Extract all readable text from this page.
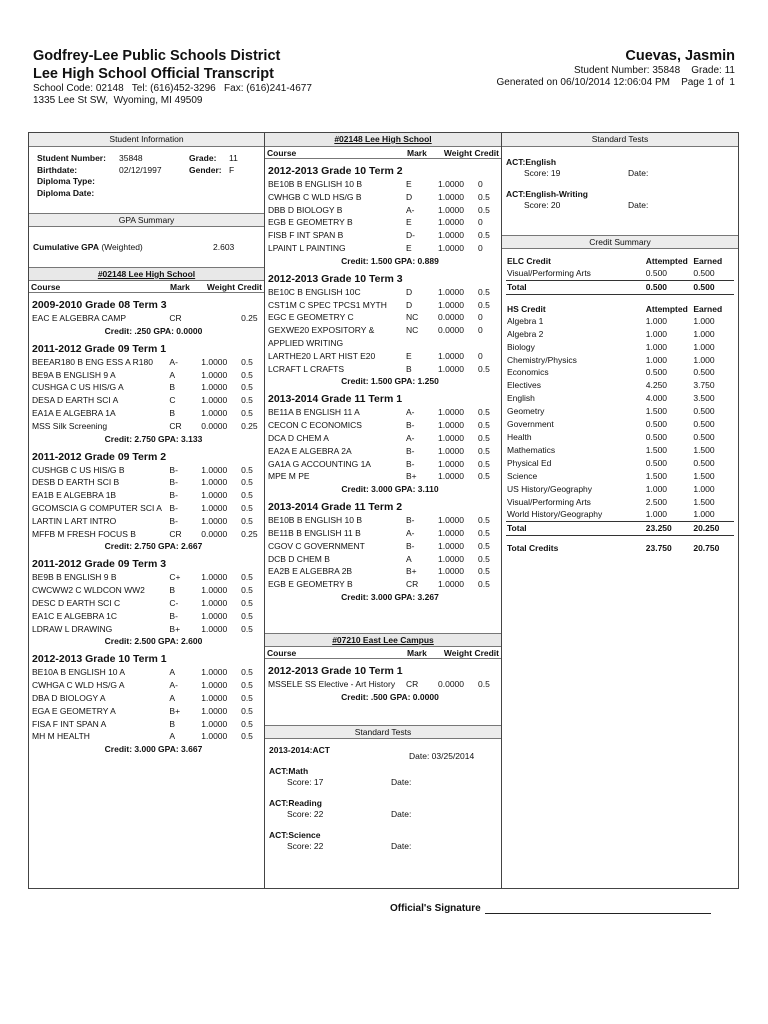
Godfrey-Lee Public Schools District
Lee High School Official Transcript
School Code: 02148   Tel: (616)452-3296   Fax: (616)241-4677
1335 Lee St SW,  Wyoming, MI 49509
Cuevas, Jasmin
Student Number: 35848    Grade: 11
Generated on 06/10/2014 12:06:04 PM    Page 1 of  1
Student Information
Student Number:	35848	Grade:	11
Birthdate:	02/12/1997	Gender: F
Diploma Type:
Diploma Date:
GPA Summary
Cumulative GPA (Weighted)	2.603
#02148 Lee High School
Course	Mark	Weight Credit
2009-2010 Grade 08 Term 3
EAC E ALGEBRA CAMP	CR	0.25
Credit: .250 GPA: 0.0000
2011-2012 Grade 09 Term 1
BEEAR180 B ENG ESS A R180	A-	1.0000	0.5
BE9A B ENGLISH 9 A	A	1.0000	0.5
CUSHGA C US HIS/G A	B	1.0000	0.5
DESA D EARTH SCI A	C	1.0000	0.5
EA1A E ALGEBRA 1A	B	1.0000	0.5
MSS Silk Screening	CR	0.0000	0.25
Credit: 2.750 GPA: 3.133
2011-2012 Grade 09 Term 2
CUSHGB C US HIS/G B	B-	1.0000	0.5
DESB D EARTH SCI B	B-	1.0000	0.5
EA1B E ALGEBRA 1B	B-	1.0000	0.5
GCOMSCIA G COMPUTER SCI A B-	1.0000	0.5
LARTIN L ART INTRO	B-	1.0000	0.5
MFFB M FRESH FOCUS B	CR	0.0000	0.25
Credit: 2.750 GPA: 2.667
2011-2012 Grade 09 Term 3
BE9B B ENGLISH 9 B	C+	1.0000	0.5
CWCWW2 C WLDCON WW2	B	1.0000	0.5
DESC D EARTH SCI C	C-	1.0000	0.5
EA1C E ALGEBRA 1C	B-	1.0000	0.5
LDRAW L DRAWING	B+	1.0000	0.5
Credit: 2.500 GPA: 2.600
2012-2013 Grade 10 Term 1
BE10A B ENGLISH 10 A	A	1.0000	0.5
CWHGA C WLD HS/G A	A-	1.0000	0.5
DBA D BIOLOGY A	A	1.0000	0.5
EGA E GEOMETRY A	B+	1.0000	0.5
FISA F INT SPAN A	B	1.0000	0.5
MH M HEALTH	A	1.0000	0.5
Credit: 3.000 GPA: 3.667
#02148 Lee High School
Course	Mark	Weight Credit
2012-2013 Grade 10 Term 2
BE10B B ENGLISH 10 B	E	1.0000	0
CWHGB C WLD HS/G B	D	1.0000	0.5
DBB D BIOLOGY B	A-	1.0000	0.5
EGB E GEOMETRY B	E	1.0000	0
FISB F INT SPAN B	D-	1.0000	0.5
LPAINT L PAINTING	E	1.0000	0
Credit: 1.500 GPA: 0.889
2012-2013 Grade 10 Term 3
BE10C B ENGLISH 10C	D	1.0000	0.5
CST1M C SPEC TPCS1 MYTH	D	1.0000	0.5
EGC E GEOMETRY C	NC	0.0000	0
GEXWE20 EXPOSITORY & APPLIED WRITING
NC	0.0000	0
LARTHE20 L ART HIST E20	E	1.0000	0
LCRAFT L CRAFTS	B	1.0000	0.5
Credit: 1.500 GPA: 1.250
2013-2014 Grade 11 Term 1
BE11A B ENGLISH 11 A	A-	1.0000	0.5
CECON C ECONOMICS	B-	1.0000	0.5
DCA D CHEM A	A-	1.0000	0.5
EA2A E ALGEBRA 2A	B-	1.0000	0.5
GA1A G ACCOUNTING 1A	B-	1.0000	0.5
MPE M PE	B+	1.0000	0.5
Credit: 3.000 GPA: 3.110
2013-2014 Grade 11 Term 2
BE10B B ENGLISH 10 B	B-	1.0000	0.5
BE11B B ENGLISH 11 B	A-	1.0000	0.5
CGOV C GOVERNMENT	B-	1.0000	0.5
DCB D CHEM B	A	1.0000	0.5
EA2B E ALGEBRA 2B	B+	1.0000	0.5
EGB E GEOMETRY B	CR	1.0000	0.5
Credit: 3.000 GPA: 3.267
#07210 East Lee Campus
Course	Mark	Weight Credit
2012-2013 Grade 10 Term 1
MSSELE SS Elective - Art History	CR	0.0000	0.5
Credit: .500 GPA: 0.0000
Standard Tests
2013-2014:ACT
Date: 03/25/2014
ACT:Math
Score: 17	Date:
ACT:Reading
Score: 22	Date:
ACT:Science
Score: 22	Date:
Standard Tests
ACT:English
Score: 19	Date:
ACT:English-Writing
Score: 20	Date:
Credit Summary
ELC Credit	Attempted Earned
Visual/Performing Arts	0.500	0.500
Total	0.500	0.500
HS Credit	Attempted Earned
Algebra 1	1.000	1.000
Algebra 2	1.000	1.000
Biology	1.000	1.000
Chemistry/Physics	1.000	1.000
Economics	0.500	0.500
Electives	4.250	3.750
English	4.000	3.500
Geometry	1.500	0.500
Government	0.500	0.500
Health	0.500	0.500
Mathematics	1.500	1.500
Physical Ed	0.500	0.500
Science	1.500	1.500
US History/Geography	1.000	1.000
Visual/Performing Arts	2.500	1.500
World History/Geography	1.000	1.000
Total	23.250	20.250
Total Credits	23.750	20.750
Official's Signature
